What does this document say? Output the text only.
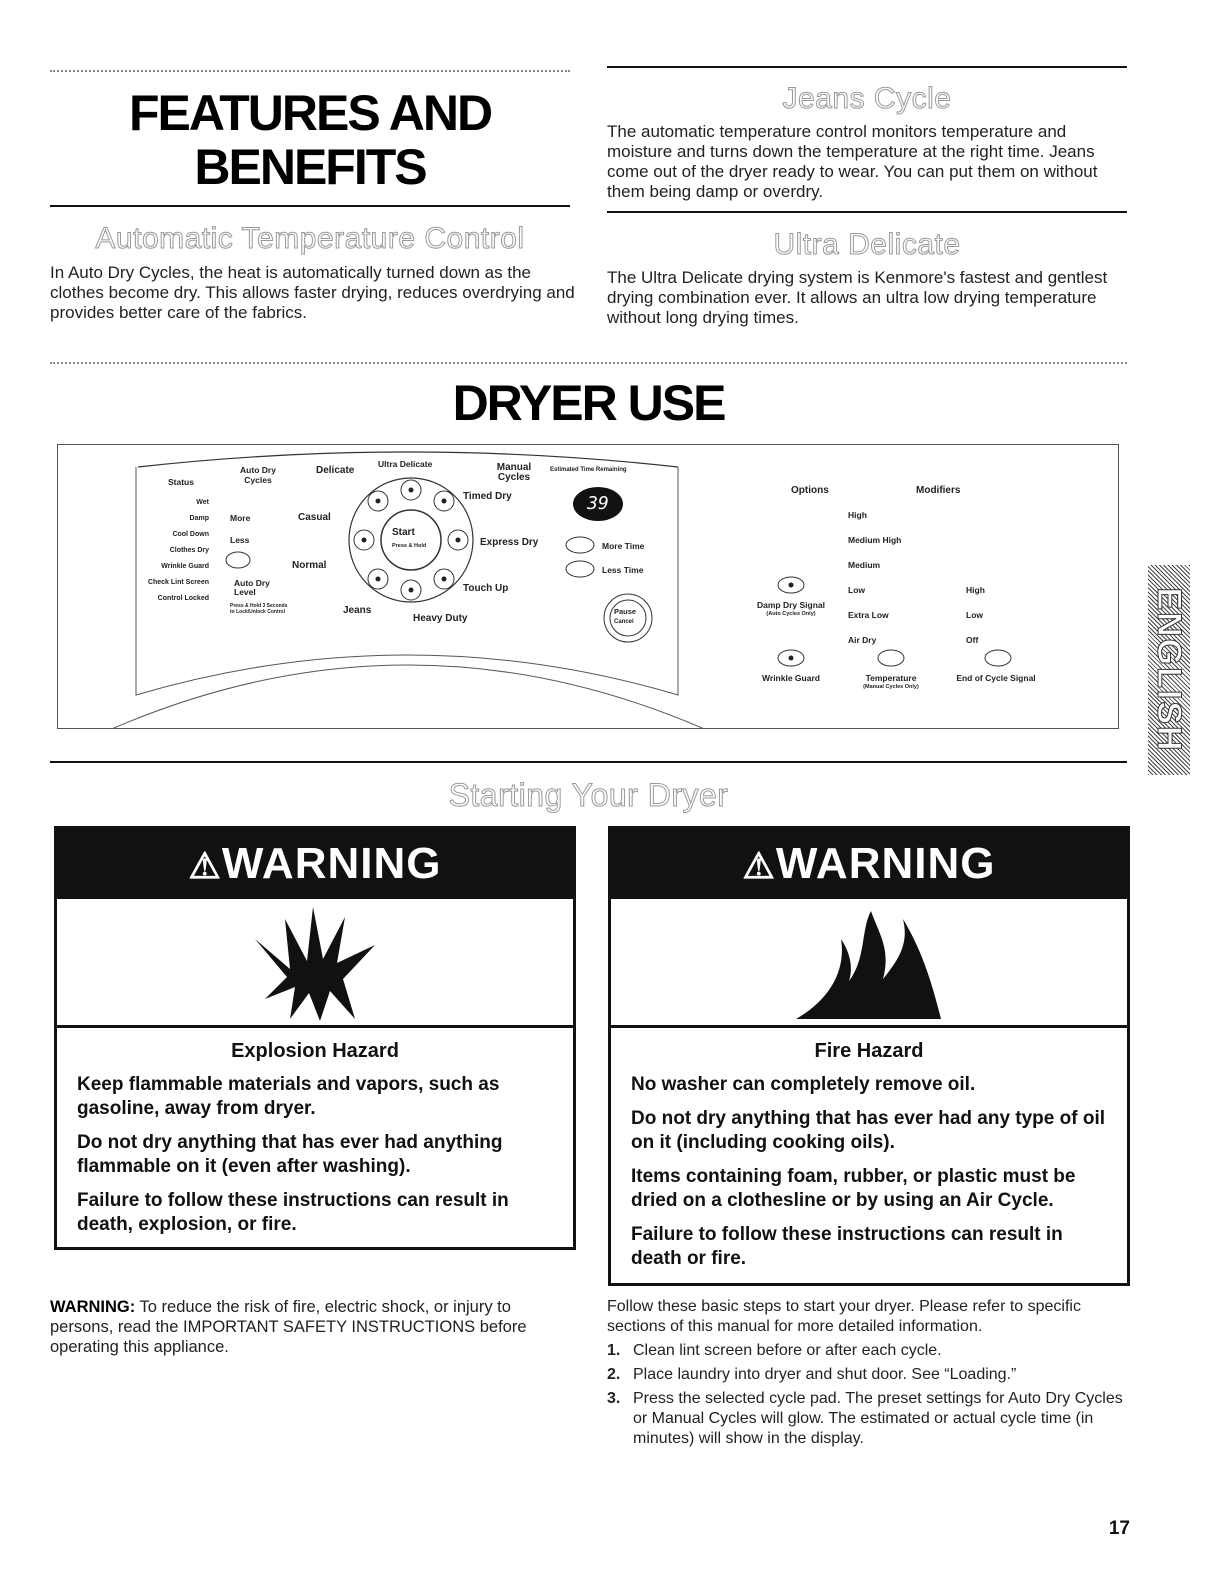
FEATURES AND
BENEFITS
Automatic Temperature Control
In Auto Dry Cycles, the heat is automatically turned down as the clothes become dry. This allows faster drying, reduces overdrying and provides better care of the fabrics.
Jeans Cycle
The automatic temperature control monitors temperature and moisture and turns down the temperature at the right time. Jeans come out of the dryer ready to wear. You can put them on without them being damp or overdry.
Ultra Delicate
The Ultra Delicate drying system is Kenmore's fastest and gentlest drying combination ever. It allows an ultra low drying temperature without long drying times.
DRYER USE
Status
Wet
Damp
Cool Down
Clothes Dry
Wrinkle Guard
Check Lint Screen
Control Locked
Auto Dry Cycles
Delicate
Ultra Delicate	Manual Cycles
Estimated Time Remaining
39
More
Less
Casual
Normal
Auto Dry Level
Press & Hold 3 Seconds to Lock/Unlock Control	Jeans
Heavy Duty
Timed Dry
Express Dry
Touch Up
Start
Press & Hold	More Time
Less Time
Pause
Cancel
Options	Modifiers
High
Medium High
Medium
Low
Extra Low
Air Dry
High
Low
Off
Damp Dry Signal
(Auto Cycles Only)
Wrinkle Guard	Temperature
(Manual Cycles Only)
End of Cycle Signal
Starting Your Dryer
ENGLISH
⚠WARNING
Explosion Hazard
Keep flammable materials and vapors, such as gasoline, away from dryer.
Do not dry anything that has ever had anything flammable on it (even after washing).
Failure to follow these instructions can result in death, explosion, or fire.
⚠WARNING
Fire Hazard
No washer can completely remove oil.
Do not dry anything that has ever had any type of oil on it (including cooking oils).
Items containing foam, rubber, or plastic must be dried on a clothesline or by using an Air Cycle.
Failure to follow these instructions can result in death or fire.
WARNING: To reduce the risk of fire, electric shock, or injury to persons, read the IMPORTANT SAFETY INSTRUCTIONS before operating this appliance.
Follow these basic steps to start your dryer. Please refer to specific sections of this manual for more detailed information.
1. Clean lint screen before or after each cycle.
2. Place laundry into dryer and shut door. See “Loading.”
3. Press the selected cycle pad. The preset settings for Auto Dry Cycles or Manual Cycles will glow. The estimated or actual cycle time (in minutes) will show in the display.
17
